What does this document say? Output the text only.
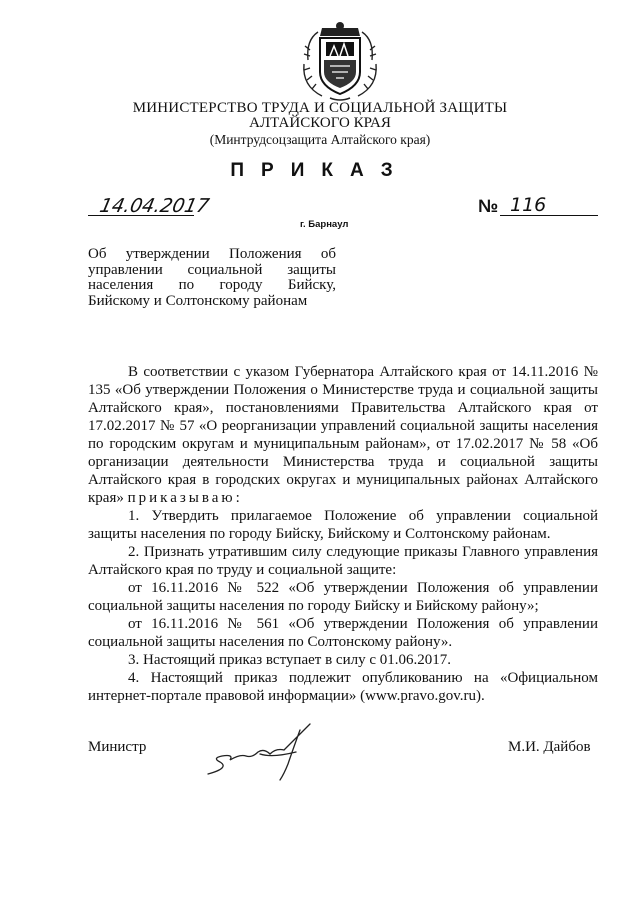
МИНИСТЕРСТВО ТРУДА И СОЦИАЛЬНОЙ ЗАЩИТЫ
АЛТАЙСКОГО КРАЯ
(Минтрудсоцзащита Алтайского края)
ПРИКАЗ
14.04.2017	№ 116
г. Барнаул
Об утверждении Положения об управлении социальной защиты населения по городу Бийску, Бийскому и Солтонскому районам

В соответствии с указом Губернатора Алтайского края от 14.11.2016 № 135 «Об утверждении Положения о Министерстве труда и социальной защиты Алтайского края», постановлениями Правительства Алтайского края от 17.02.2017 № 57 «О реорганизации управлений социальной защиты населения по городским округам и муниципальным районам», от 17.02.2017 № 58 «Об организации деятельности Министерства труда и социальной защиты Алтайского края в городских округах и муниципальных районах Алтайского края» приказываю:

1. Утвердить прилагаемое Положение об управлении социальной защиты населения по городу Бийску, Бийскому и Солтонскому районам.

2. Признать утратившим силу следующие приказы Главного управления Алтайского края по труду и социальной защите:

от 16.11.2016 № 522 «Об утверждении Положения об управлении социальной защиты населения по городу Бийску и Бийскому району»;

от 16.11.2016 № 561 «Об утверждении Положения об управлении социальной защиты населения по Солтонскому району».

3. Настоящий приказ вступает в силу с 01.06.2017.

4. Настоящий приказ подлежит опубликованию на «Официальном интернет-портале правовой информации» (www.pravo.gov.ru).

Министр	М.И. Дайбов
